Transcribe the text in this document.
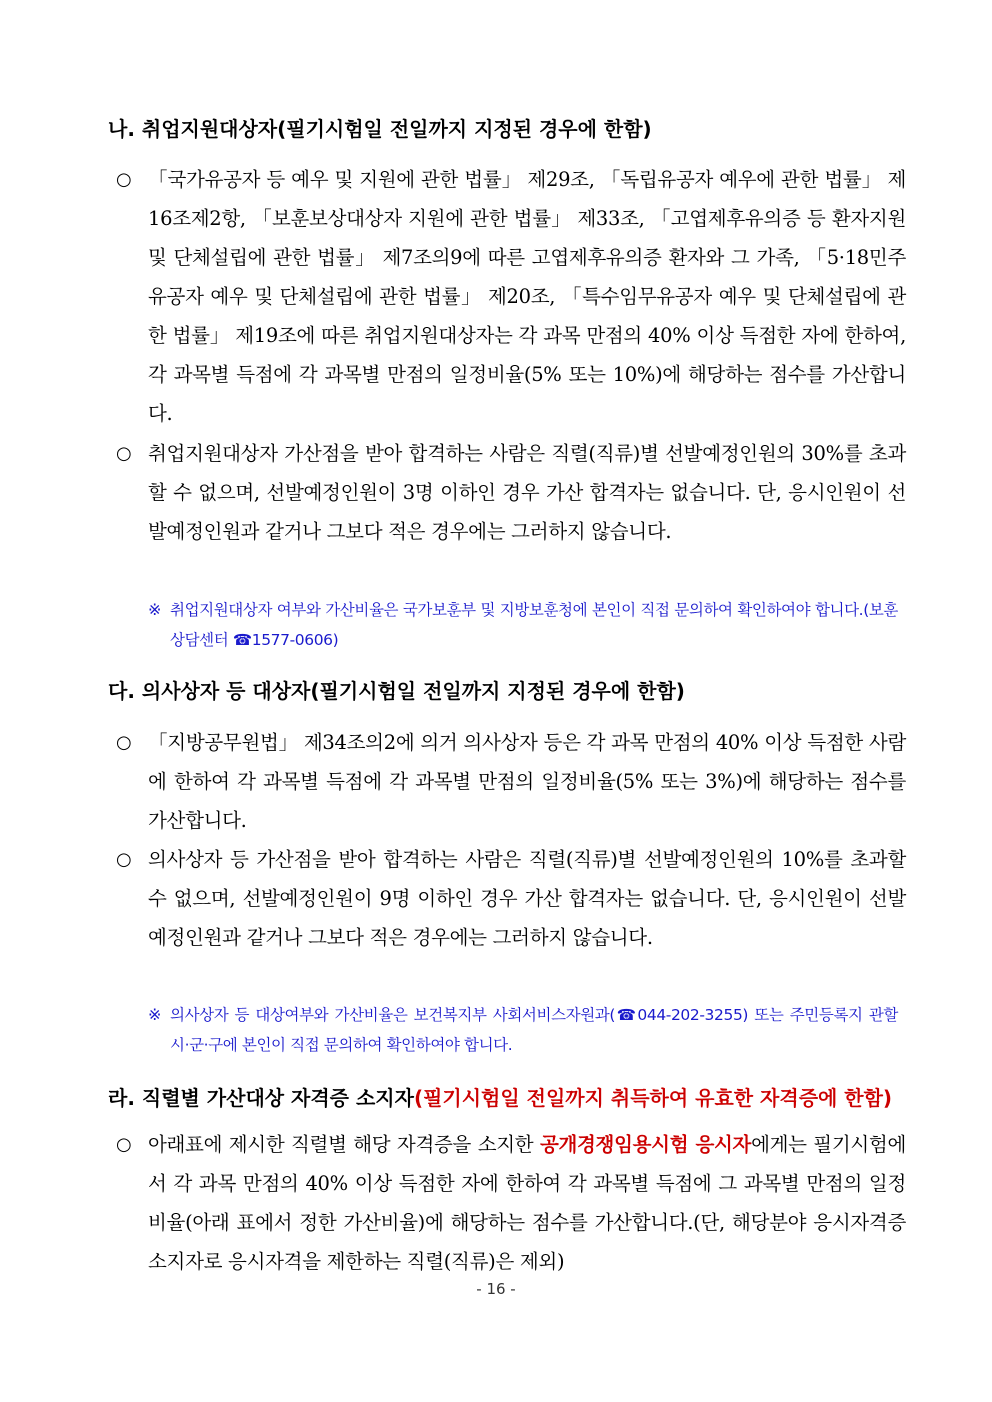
나. 취업지원대상자(필기시험일 전일까지 지정된 경우에 한함)
○ 「국가유공자 등 예우 및 지원에 관한 법률」 제29조, 「독립유공자 예우에 관한 법률」 제16조제2항, 「보훈보상대상자 지원에 관한 법률」 제33조, 「고엽제후유의증 등 환자지원 및 단체설립에 관한 법률」 제7조의9에 따른 고엽제후유의증 환자와 그 가족, 「5·18민주유공자 예우 및 단체설립에 관한 법률」 제20조, 「특수임무유공자 예우 및 단체설립에 관한 법률」 제19조에 따른 취업지원대상자는 각 과목 만점의 40% 이상 득점한 자에 한하여, 각 과목별 득점에 각 과목별 만점의 일정비율(5% 또는 10%)에 해당하는 점수를 가산합니다.
○ 취업지원대상자 가산점을 받아 합격하는 사람은 직렬(직류)별 선발예정인원의 30%를 초과할 수 없으며, 선발예정인원이 3명 이하인 경우 가산 합격자는 없습니다. 단, 응시인원이 선발예정인원과 같거나 그보다 적은 경우에는 그러하지 않습니다.
※ 취업지원대상자 여부와 가산비율은 국가보훈부 및 지방보훈청에 본인이 직접 문의하여 확인하여야 합니다.(보훈상담센터 ☎1577-0606)
다. 의사상자 등 대상자(필기시험일 전일까지 지정된 경우에 한함)
○ 「지방공무원법」 제34조의2에 의거 의사상자 등은 각 과목 만점의 40% 이상 득점한 사람에 한하여 각 과목별 득점에 각 과목별 만점의 일정비율(5% 또는 3%)에 해당하는 점수를 가산합니다.
○ 의사상자 등 가산점을 받아 합격하는 사람은 직렬(직류)별 선발예정인원의 10%를 초과할 수 없으며, 선발예정인원이 9명 이하인 경우 가산 합격자는 없습니다. 단, 응시인원이 선발예정인원과 같거나 그보다 적은 경우에는 그러하지 않습니다.
※ 의사상자 등 대상여부와 가산비율은 보건복지부 사회서비스자원과(☎044-202-3255) 또는 주민등록지 관할 시·군·구에 본인이 직접 문의하여 확인하여야 합니다.
라. 직렬별 가산대상 자격증 소지자(필기시험일 전일까지 취득하여 유효한 자격증에 한함)
○ 아래표에 제시한 직렬별 해당 자격증을 소지한 공개경쟁임용시험 응시자에게는 필기시험에서 각 과목 만점의 40% 이상 득점한 자에 한하여 각 과목별 득점에 그 과목별 만점의 일정비율(아래 표에서 정한 가산비율)에 해당하는 점수를 가산합니다.(단, 해당분야 응시자격증 소지자로 응시자격을 제한하는 직렬(직류)은 제외)
- 16 -
